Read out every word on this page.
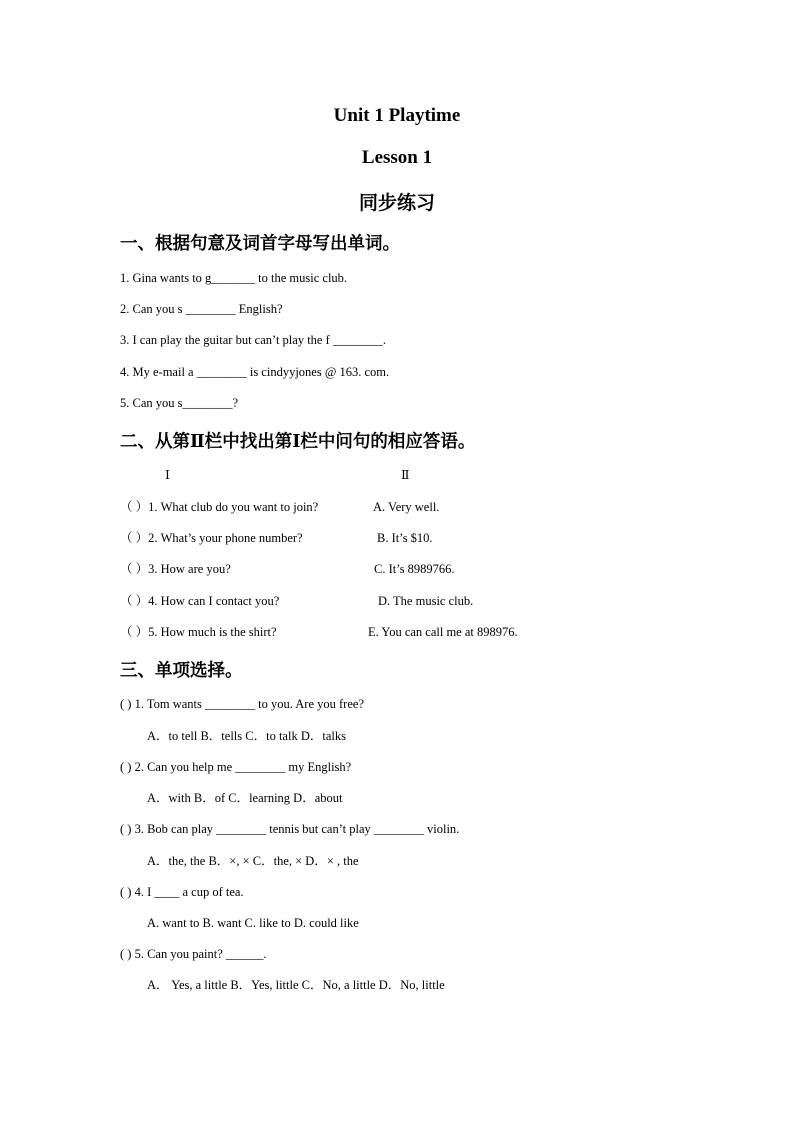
Unit 1 Playtime
Lesson 1
同步练习
一、根据句意及词首字母写出单词。
1. Gina wants to g_______ to the music club.
2. Can you s ________ English?
3. I can play the guitar but can’t play the f ________.
4. My e-mail a ________ is cindyyjones @ 163. com.
5. Can you s________?
二、从第Ⅱ栏中找出第Ⅰ栏中问句的相应答语。
Ⅰ	Ⅱ
（ ）1. What club do you want to join?	A. Very well.
（ ）2. What’s your phone number?	B. It’s $10.
（ ）3. How are you?	C. It’s 8989766.
（ ）4. How can I contact you?	D. The music club.
（ ）5. How much is the shirt?	E. You can call me at 898976.
三、单项选择。
( ) 1. Tom wants ________ to you. Are you free?
A．to tell B．tells C．to talk D．talks
( ) 2. Can you help me ________ my English?
A．with B．of C．learning D．about
( ) 3. Bob can play ________ tennis but can’t play ________ violin.
A．the, the B．×, × C．the, × D．× , the
( ) 4. I ____ a cup of tea.
A. want to B. want C. like to D. could like
( ) 5. Can you paint? ______.
A． Yes, a little B．Yes, little C．No, a little D．No, little
